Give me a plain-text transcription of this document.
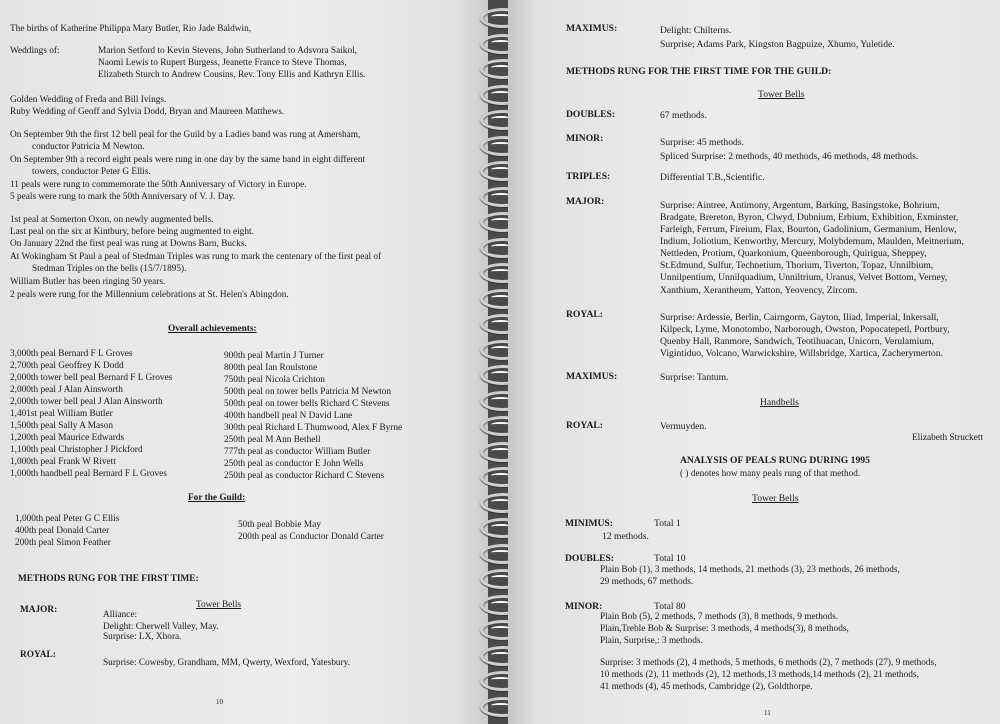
The births of Katherine Philippa Mary Butler, Rio Jade Baldwin,
Weddings of:	Marion Setford to Kevin Stevens, John Sutherland to Adsvora Saikol,
Naomi Lewis to Rupert Burgess, Jeanette France to Steve Thomas,
Elizabeth Sturch to Andrew Cousins, Rev. Tony Ellis and Kathryn Ellis.
Golden Wedding of Freda and Bill Ivings.
Ruby Wedding of Geoff and Sylvia Dodd, Bryan and Maureen Matthews.
On September 9th the first 12 bell peal for the Guild by a Ladies band was rung at Amersham,
conductor Patricia M Newton.
On September 9th a record eight peals were rung in one day by the same band in eight different
towers, conductor Peter G Ellis.
11 peals were rung to commemorate the 50th Anniversary of Victory in Europe.
5 peals were rung to mark the 50th Anniversary of V. J. Day.
1st peal at Somerton Oxon, on newly augmented bells.
Last peal on the six at Kintbury, before being augmented to eight.
On January 22nd the first peal was rung at Downs Barn, Bucks.
At Wokingham St Paul a peal of Stedman Triples was rung to mark the centenary of the first peal of
Stedman Triples on the bells (15/7/1895).
William Butler has been ringing 50 years.
2 peals were rung for the Millennium celebrations at St. Helen's Abingdon.
Overall achievements:
3,000th peal Bernard F L Groves
2,700th peal Geoffrey K Dodd
2,000th tower bell peal Bernard F L Groves
2,000th peal J Alan Ainsworth
2,000th tower bell peal J Alan Ainsworth
1,401st peal William Butler
1,500th peal Sally A Mason
1,200th peal Maurice Edwards
1,100th peal Christopher J Pickford
1,000th peal Frank W Rivett
1,000th handbell peal Bernard F L Groves
900th peal Martin J Turner
800th peal Ian Roulstone
750th peal Nicola Crichton
500th peal on tower bells Patricia M Newton
500th peal on tower bells Richard C Stevens
400th handbell peal N David Lane
300th peal Richard L Thumwood, Alex F Byrne
250th peal M Ann Bethell
777th peal as conductor William Butler
250th peal as conductor E John Wells
250th peal as conductor Richard C Stevens
For the Guild:
1,000th peal Peter G C Ellis
400th peal Donald Carter
200th peal Simon Feather
50th peal Bobbie May
200th peal as Conductor Donald Carter
METHODS RUNG FOR THE FIRST TIME:
Tower Bells
MAJOR:	Alliance:
Delight: Cherwell Valley, May.
Surprise: LX, Xhora.
ROYAL:
Surprise: Cowesby, Grandham, MM, Qwerty, Wexford, Yatesbury.
10
MAXIMUS:	Delight: Chilterns.
Surprise; Adams Park, Kingston Bagpuize, Xhumo, Yuletide.
METHODS RUNG FOR THE FIRST TIME FOR THE GUILD:
Tower Bells
DOUBLES:	67 methods.
MINOR:	Surprise: 45 methods.
Spliced Surprise: 2 methods, 40 methods, 46 methods, 48 methods.
TRIPLES:	Differential T.B.,Scientific.
MAJOR:	Surprise: Aintree, Antimony, Argentum, Barking, Basingstoke, Bohrium,
Bradgate, Brereton, Byron, Clwyd, Dubnium, Erbium, Exhibition, Exminster,
Farleigh, Ferrum, Fireium, Flax, Bourton, Gadolinium, Germanium, Henlow,
Indium, Joliotium, Kenworthy, Mercury, Molybdemum, Maulden, Meitnerium,
Nettleden, Protium, Quarkonium, Queenborough, Quirigua, Sheppey,
St.Edmund, Sulfur, Technetium, Thorium, Tiverton, Topaz, Unnilbium,
Unnilpentium, Unnilquadium, Unniltrium, Uranus, Velvet Bottom, Verney,
Xanthium, Xerantheum, Yatton, Yeovency, Zircom.
ROYAL:	Surprise: Ardessie, Berlin, Cairngorm, Gayton, Iliad, Imperial, Inkersall,
Kilpeck, Lyme, Monotombo, Narborough, Owston, Popocatepetl, Portbury,
Quenby Hall, Ranmore, Sandwich, Teotihuacan, Unicorn, Verulamium,
Vigintiduo, Volcano, Warwickshire, Willsbridge, Xartica, Zacherymerton.
MAXIMUS:	Surprise: Tantum.
Handbells
ROYAL:	Vermuyden.
Elizabeth Struckett
ANALYSIS OF PEALS RUNG DURING 1995
( ) denotes how many peals rung of that method.
Tower Bells
MINIMUS:	Total 1
12 methods.
DOUBLES:	Total 10
Plain Bob (1), 3 methods, 14 methods, 21 methods (3), 23 methods, 26 methods,
29 methods, 67 methods.
MINOR:	Total 80
Plain Bob (5), 2 methods, 7 methods (3), 8 methods, 9 methods.
Plain,Treble Bob & Surprise: 3 methods, 4 methods(3), 8 methods,
Plain, Surprise,: 3 methods.
Surprise: 3 methods (2), 4 methods, 5 methods, 6 methods (2), 7 methods (27), 9 methods,
10 methods (2), 11 methods (2), 12 methods,13 methods,14 methods (2), 21 methods,
41 methods (4), 45 methods, Cambridge (2), Goldthorpe.
11
